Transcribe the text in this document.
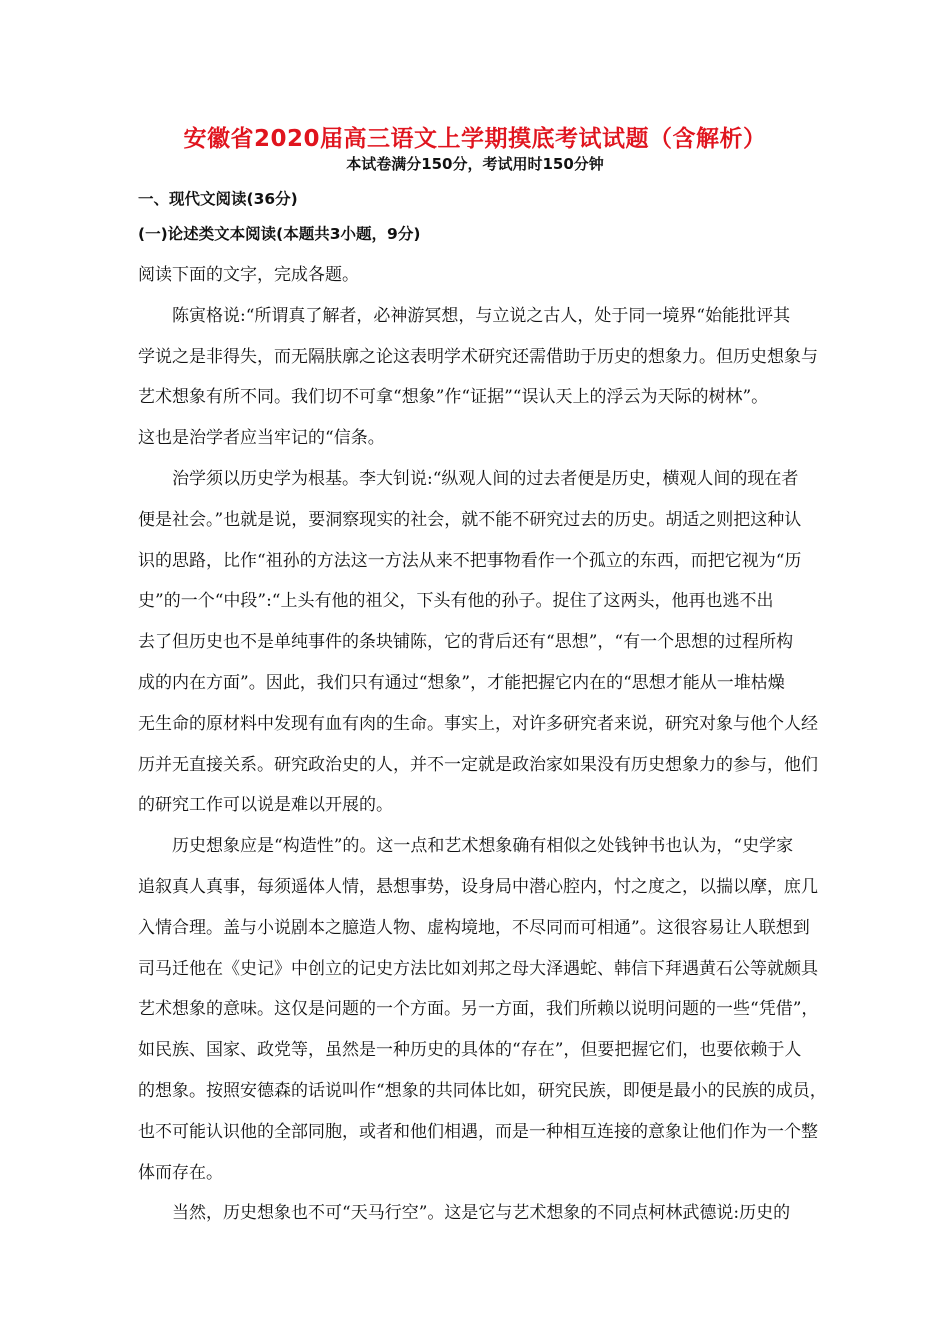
安徽省2020届高三语文上学期摸底考试试题（含解析）
本试卷满分150分，考试用时150分钟
一、现代文阅读(36分)
(一)论述类文本阅读(本题共3小题，9分)
阅读下面的文字，完成各题。
陈寅格说:“所谓真了解者，必神游冥想，与立说之古人，处于同一境界“始能批评其
学说之是非得失，而无隔肤廓之论这表明学术研究还需借助于历史的想象力。但历史想象与
艺术想象有所不同。我们切不可拿“想象”作“证据”“误认天上的浮云为天际的树林”。
这也是治学者应当牢记的“信条。
治学须以历史学为根基。李大钊说:“纵观人间的过去者便是历史，横观人间的现在者
便是社会。”也就是说，要洞察现实的社会，就不能不研究过去的历史。胡适之则把这种认
识的思路，比作“祖孙的方法这一方法从来不把事物看作一个孤立的东西，而把它视为“历
史”的一个“中段”:“上头有他的祖父，下头有他的孙子。捉住了这两头，他再也逃不出
去了但历史也不是单纯事件的条块铺陈，它的背后还有“思想”，“有一个思想的过程所构
成的内在方面”。因此，我们只有通过“想象”，才能把握它内在的“思想才能从一堆枯燥
无生命的原材料中发现有血有肉的生命。事实上，对许多研究者来说，研究对象与他个人经
历并无直接关系。研究政治史的人，并不一定就是政治家如果没有历史想象力的参与，他们
的研究工作可以说是难以开展的。
历史想象应是“构造性”的。这一点和艺术想象确有相似之处钱钟书也认为，“史学家
追叙真人真事，每须遥体人情，悬想事势，设身局中潜心腔内，忖之度之，以揣以摩，庶几
入情合理。盖与小说剧本之臆造人物、虚构境地，不尽同而可相通”。这很容易让人联想到
司马迁他在《史记》中创立的记史方法比如刘邦之母大泽遇蛇、韩信下拜遇黄石公等就颇具
艺术想象的意味。这仅是问题的一个方面。另一方面，我们所赖以说明问题的一些“凭借”，
如民族、国家、政党等，虽然是一种历史的具体的“存在”，但要把握它们，也要依赖于人
的想象。按照安德森的话说叫作“想象的共同体比如，研究民族，即便是最小的民族的成员，
也不可能认识他的全部同胞，或者和他们相遇，而是一种相互连接的意象让他们作为一个整
体而存在。
当然，历史想象也不可“天马行空”。这是它与艺术想象的不同点柯林武德说:历史的
